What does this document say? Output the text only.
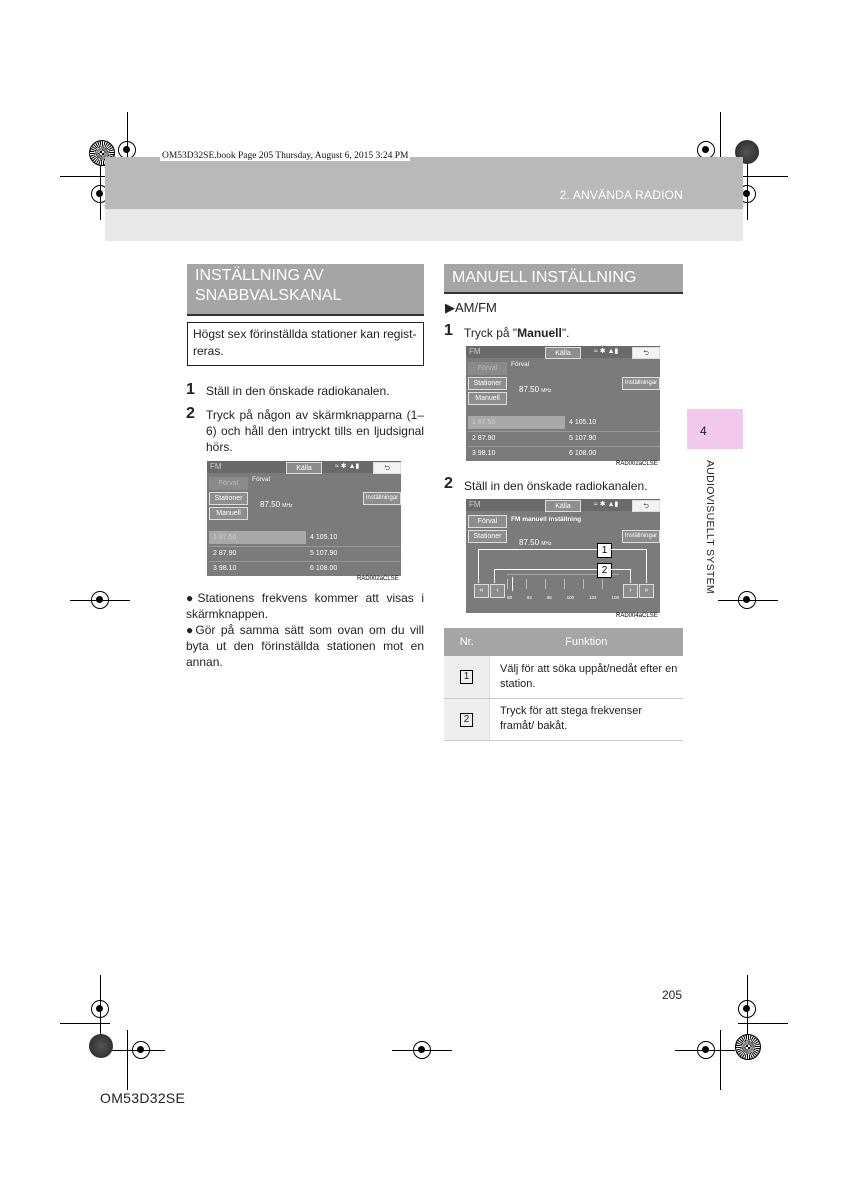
OM53D32SE.book Page 205 Thursday, August 6, 2015 3:24 PM
2. ANVÄNDA RADION
4
AUDIOVISUELLT SYSTEM
INSTÄLLNING AV
SNABBVALSKANAL
Högst sex förinställda stationer kan regist-reras.
1 Ställ in den önskade radiokanalen.
2 Tryck på någon av skärmknapparna (1–6) och håll den intryckt tills en ljudsignal hörs.
FM	Källa	≈ ✱ ▲▮	⮌
Förval
Förval
Stationer
87.50 MHz
Inställningar
Manuell
1 87.50	4 105.10
2 87.90	5 107.90
3 98.10	6 108.00
RAD002aCLSE
●Stationens frekvens kommer att visas i skärmknappen.
●Gör på samma sätt som ovan om du vill byta ut den förinställda stationen mot en annan.
MANUELL INSTÄLLNING
▶AM/FM
1 Tryck på "Manuell".
FM	Källa	≈ ✱ ▲▮	⮌
Förval
Förval
Stationer
87.50 MHz
Inställningar
Manuell
1 87.50	4 105.10
2 87.90	5 107.90
3 98.10	6 108.00
RAD002aCLSE
2 Ställ in den önskade radiokanalen.
FM	Källa	≈ ✱ ▲▮	⮌
Förval	FM manuell inställning
Stationer
87.50 MHz
Inställningar
«	‹
88	92	96	100	104	108
›	»
1
2
RAD004aCLSE
Nr.	Funktion
1	Välj för att söka uppåt/nedåt efter en station.
2	Tryck för att stega frekvenser framåt/ bakåt.
205
OM53D32SE
